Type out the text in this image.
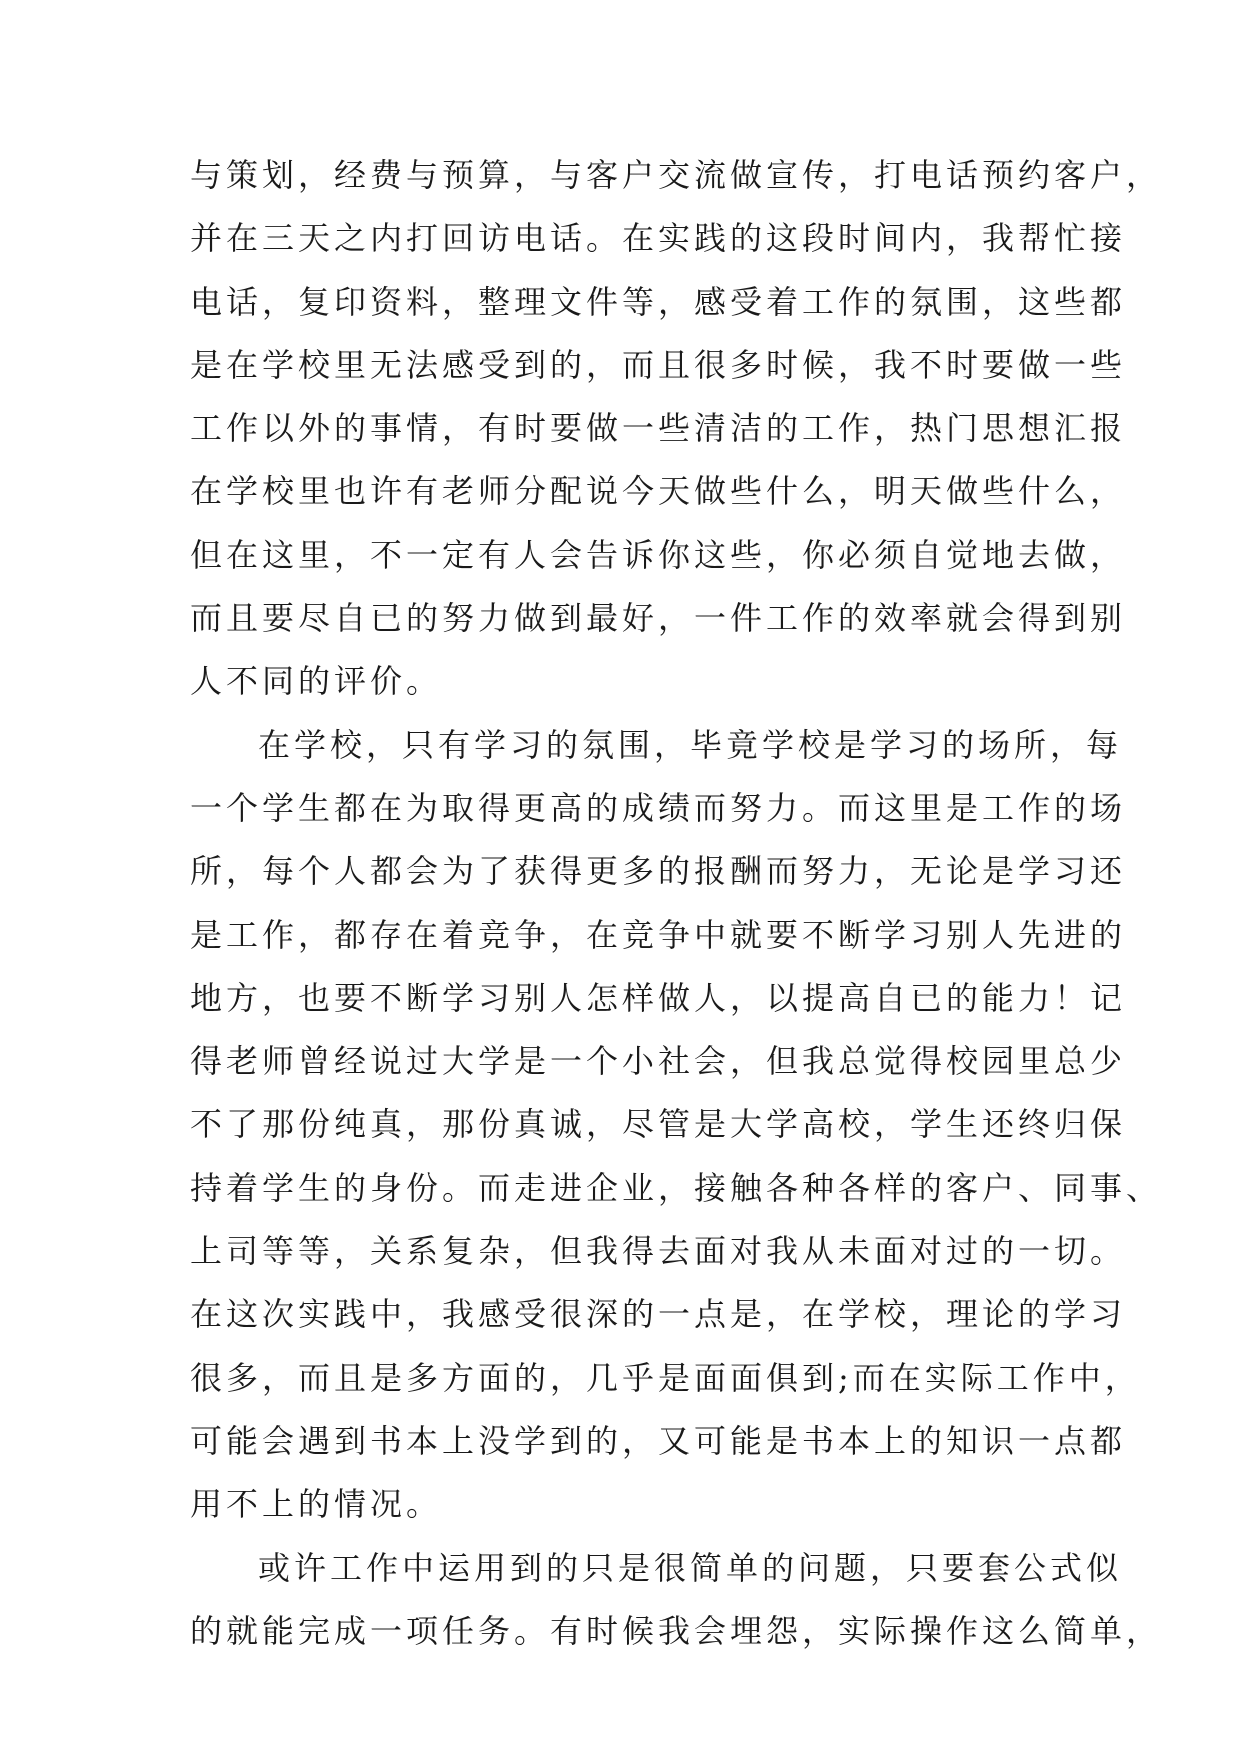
与策划，经费与预算，与客户交流做宣传，打电话预约客户，
并在三天之内打回访电话。在实践的这段时间内，我帮忙接
电话，复印资料，整理文件等，感受着工作的氛围，这些都
是在学校里无法感受到的，而且很多时候，我不时要做一些
工作以外的事情，有时要做一些清洁的工作，热门思想汇报
在学校里也许有老师分配说今天做些什么，明天做些什么，
但在这里，不一定有人会告诉你这些，你必须自觉地去做，
而且要尽自已的努力做到最好，一件工作的效率就会得到别
人不同的评价。
在学校，只有学习的氛围，毕竟学校是学习的场所，每
一个学生都在为取得更高的成绩而努力。而这里是工作的场
所，每个人都会为了获得更多的报酬而努力，无论是学习还
是工作，都存在着竞争，在竞争中就要不断学习别人先进的
地方，也要不断学习别人怎样做人，以提高自已的能力！记
得老师曾经说过大学是一个小社会，但我总觉得校园里总少
不了那份纯真，那份真诚，尽管是大学高校，学生还终归保
持着学生的身份。而走进企业，接触各种各样的客户、同事、
上司等等，关系复杂，但我得去面对我从未面对过的一切。
在这次实践中，我感受很深的一点是，在学校，理论的学习
很多，而且是多方面的，几乎是面面俱到;而在实际工作中，
可能会遇到书本上没学到的，又可能是书本上的知识一点都
用不上的情况。
或许工作中运用到的只是很简单的问题，只要套公式似
的就能完成一项任务。有时候我会埋怨，实际操作这么简单，
